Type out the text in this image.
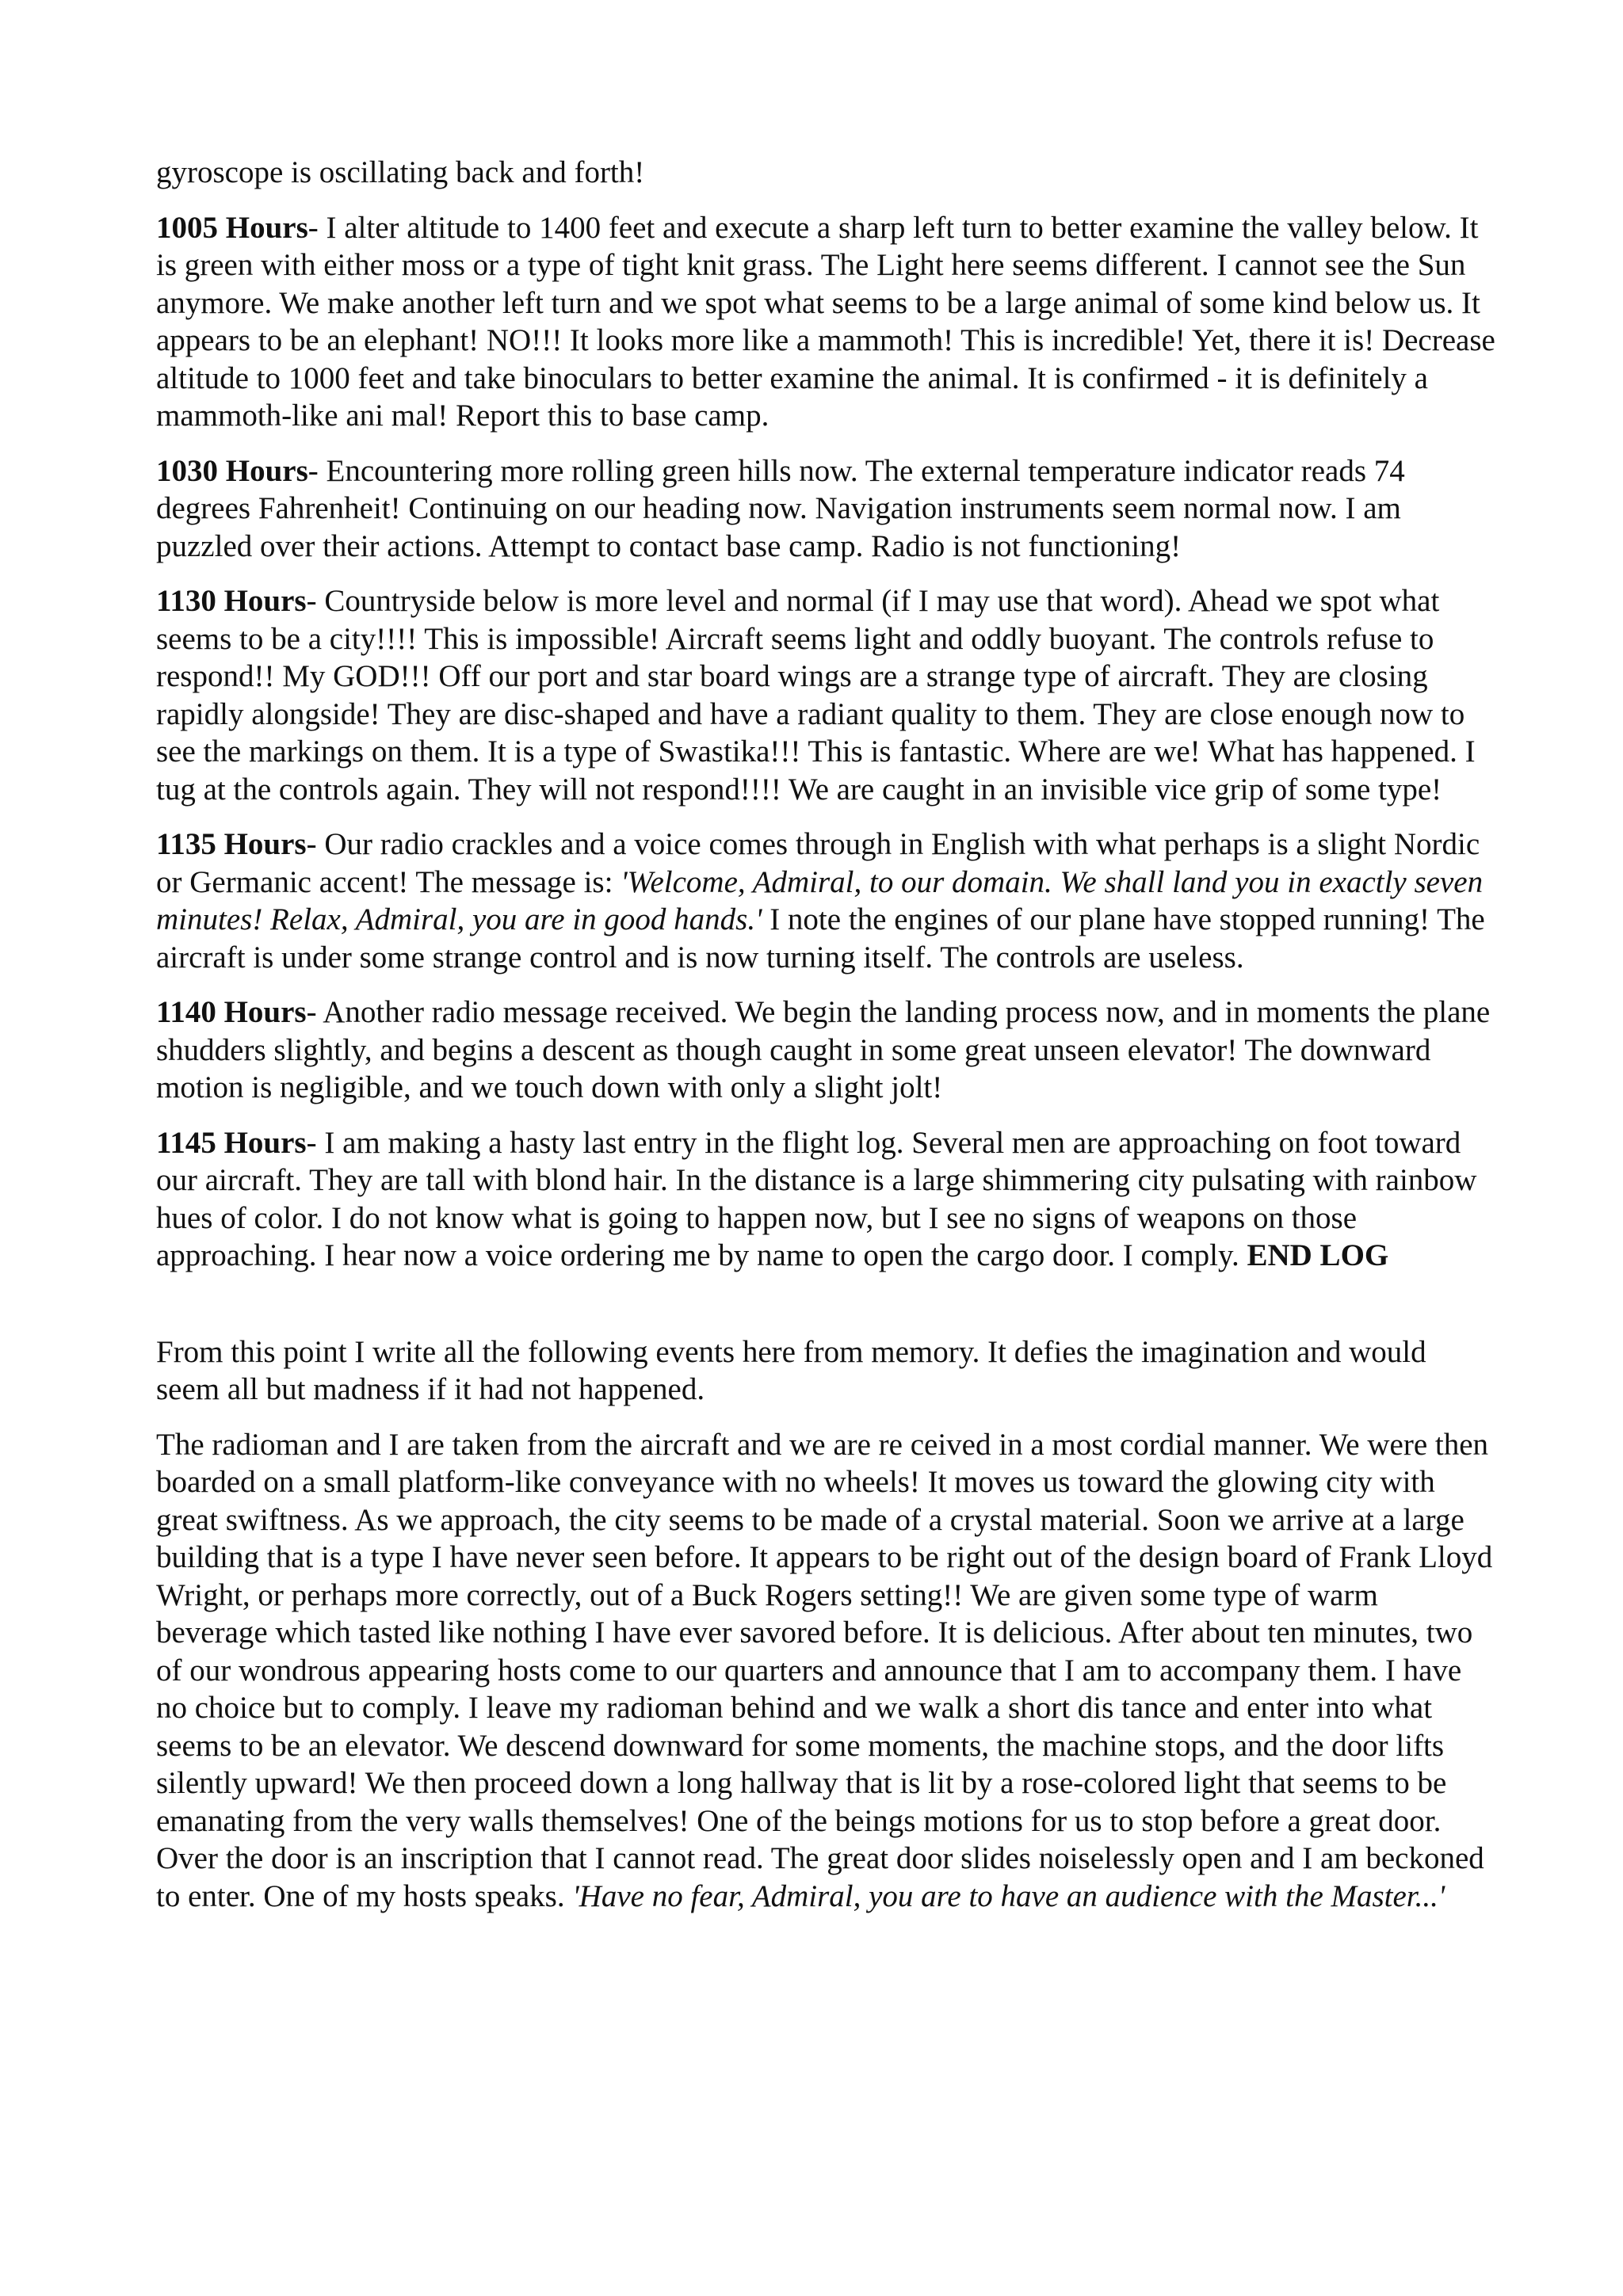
gyroscope is oscillating back and forth!

1005 Hours- I alter altitude to 1400 feet and execute a sharp left turn to better examine the valley below. It is green with either moss or a type of tight knit grass. The Light here seems different. I cannot see the Sun anymore. We make another left turn and we spot what seems to be a large animal of some kind below us. It appears to be an elephant! NO!!! It looks more like a mammoth! This is incredible! Yet, there it is! Decrease altitude to 1000 feet and take binoculars to better examine the animal. It is confirmed - it is definitely a mammoth-like ani mal! Report this to base camp.

1030 Hours- Encountering more rolling green hills now. The external temperature indicator reads 74 degrees Fahrenheit! Continuing on our heading now. Navigation instruments seem normal now. I am puzzled over their actions. Attempt to contact base camp. Radio is not functioning!

1130 Hours- Countryside below is more level and normal (if I may use that word). Ahead we spot what seems to be a city!!!! This is impossible! Aircraft seems light and oddly buoyant. The controls refuse to respond!! My GOD!!! Off our port and star board wings are a strange type of aircraft. They are closing rapidly alongside! They are disc-shaped and have a radiant quality to them. They are close enough now to see the markings on them. It is a type of Swastika!!! This is fantastic. Where are we! What has happened. I tug at the controls again. They will not respond!!!! We are caught in an invisible vice grip of some type!

1135 Hours- Our radio crackles and a voice comes through in English with what perhaps is a slight Nordic or Germanic accent! The message is: 'Welcome, Admiral, to our domain. We shall land you in exactly seven minutes! Relax, Admiral, you are in good hands.' I note the engines of our plane have stopped running! The aircraft is under some strange control and is now turning itself. The controls are useless.

1140 Hours- Another radio message received. We begin the landing process now, and in moments the plane shudders slightly, and begins a descent as though caught in some great unseen elevator! The downward motion is negligible, and we touch down with only a slight jolt!

1145 Hours- I am making a hasty last entry in the flight log. Several men are approaching on foot toward our aircraft. They are tall with blond hair. In the distance is a large shimmering city pulsating with rainbow hues of color. I do not know what is going to happen now, but I see no signs of weapons on those approaching. I hear now a voice ordering me by name to open the cargo door. I comply. END LOG

From this point I write all the following events here from memory. It defies the imagination and would seem all but madness if it had not happened.

The radioman and I are taken from the aircraft and we are re ceived in a most cordial manner. We were then boarded on a small platform-like conveyance with no wheels! It moves us toward the glowing city with great swiftness. As we approach, the city seems to be made of a crystal material. Soon we arrive at a large building that is a type I have never seen before. It appears to be right out of the design board of Frank Lloyd Wright, or perhaps more correctly, out of a Buck Rogers setting!! We are given some type of warm beverage which tasted like nothing I have ever savored before. It is delicious. After about ten minutes, two of our wondrous appearing hosts come to our quarters and announce that I am to accompany them. I have no choice but to comply. I leave my radioman behind and we walk a short dis tance and enter into what seems to be an elevator. We descend downward for some moments, the machine stops, and the door lifts silently upward! We then proceed down a long hallway that is lit by a rose-colored light that seems to be emanating from the very walls themselves! One of the beings motions for us to stop before a great door. Over the door is an inscription that I cannot read. The great door slides noiselessly open and I am beckoned to enter. One of my hosts speaks. 'Have no fear, Admiral, you are to have an audience with the Master...'
